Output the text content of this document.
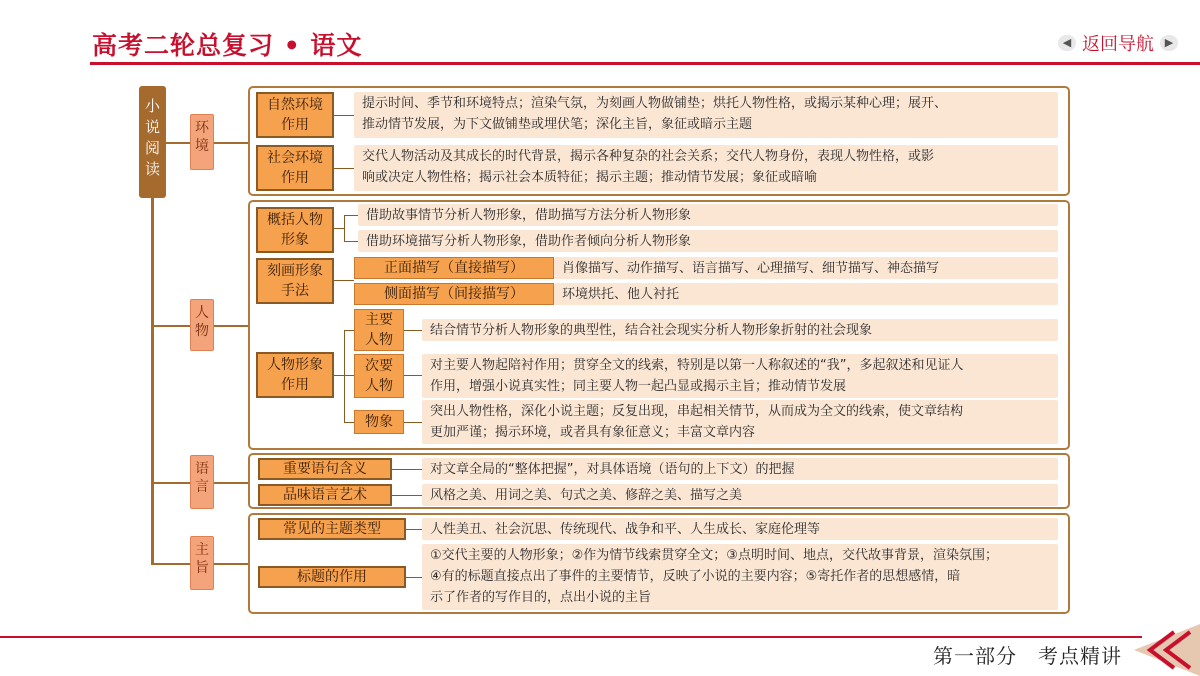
高考二轮总复习 • 语文	◀ 返回导航 ▶
小
说
阅
读
环
境
自然环境
作用
提示时间、季节和环境特点；渲染气氛，为刻画人物做铺垫；烘托人物性格，或揭示某种心理；展开、
推动情节发展，为下文做铺垫或埋伏笔；深化主旨，象征或暗示主题
社会环境
作用
交代人物活动及其成长的时代背景，揭示各种复杂的社会关系；交代人物身份，表现人物性格，或影
响或决定人物性格；揭示社会本质特征；揭示主题；推动情节发展；象征或暗喻
人
物
概括人物
形象
借助故事情节分析人物形象，借助描写方法分析人物形象
借助环境描写分析人物形象，借助作者倾向分析人物形象
刻画形象
手法
正面描写（直接描写）	肖像描写、动作描写、语言描写、心理描写、细节描写、神态描写
侧面描写（间接描写）	环境烘托、他人衬托
人物形象
作用
主要
人物
结合情节分析人物形象的典型性，结合社会现实分析人物形象折射的社会现象
次要
人物
对主要人物起陪衬作用；贯穿全文的线索，特别是以第一人称叙述的“我”，多起叙述和见证人
作用，增强小说真实性；同主要人物一起凸显或揭示主旨；推动情节发展
物象
突出人物性格，深化小说主题；反复出现，串起相关情节，从而成为全文的线索，使文章结构
更加严谨；揭示环境，或者具有象征意义；丰富文章内容
语
言
重要语句含义	对文章全局的“整体把握”，对具体语境（语句的上下文）的把握
品味语言艺术	风格之美、用词之美、句式之美、修辞之美、描写之美
主
旨
常见的主题类型	人性美丑、社会沉思、传统现代、战争和平、人生成长、家庭伦理等
标题的作用
①交代主要的人物形象；②作为情节线索贯穿全文；③点明时间、地点，交代故事背景，渲染氛围；
④有的标题直接点出了事件的主要情节，反映了小说的主要内容；⑤寄托作者的思想感情，暗
示了作者的写作目的，点出小说的主旨
第一部分　考点精讲
